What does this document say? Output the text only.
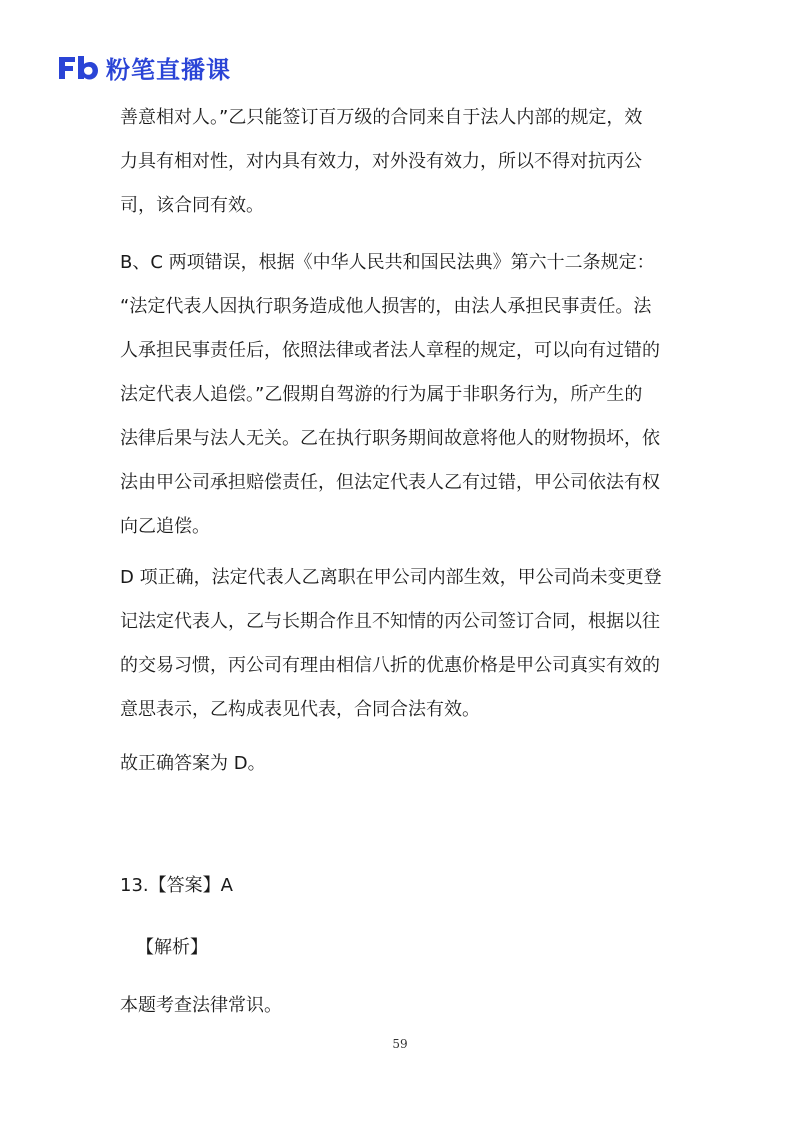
粉笔直播课
善意相对人。”乙只能签订百万级的合同来自于法人内部的规定，效
力具有相对性，对内具有效力，对外没有效力，所以不得对抗丙公
司，该合同有效。
B、C 两项错误，根据《中华人民共和国民法典》第六十二条规定：
“法定代表人因执行职务造成他人损害的，由法人承担民事责任。法
人承担民事责任后，依照法律或者法人章程的规定，可以向有过错的
法定代表人追偿。”乙假期自驾游的行为属于非职务行为，所产生的
法律后果与法人无关。乙在执行职务期间故意将他人的财物损坏，依
法由甲公司承担赔偿责任，但法定代表人乙有过错，甲公司依法有权
向乙追偿。
D 项正确，法定代表人乙离职在甲公司内部生效，甲公司尚未变更登
记法定代表人，乙与长期合作且不知情的丙公司签订合同，根据以往
的交易习惯，丙公司有理由相信八折的优惠价格是甲公司真实有效的
意思表示，乙构成表见代表，合同合法有效。
故正确答案为 D。
13.【答案】A
【解析】
本题考查法律常识。
59
